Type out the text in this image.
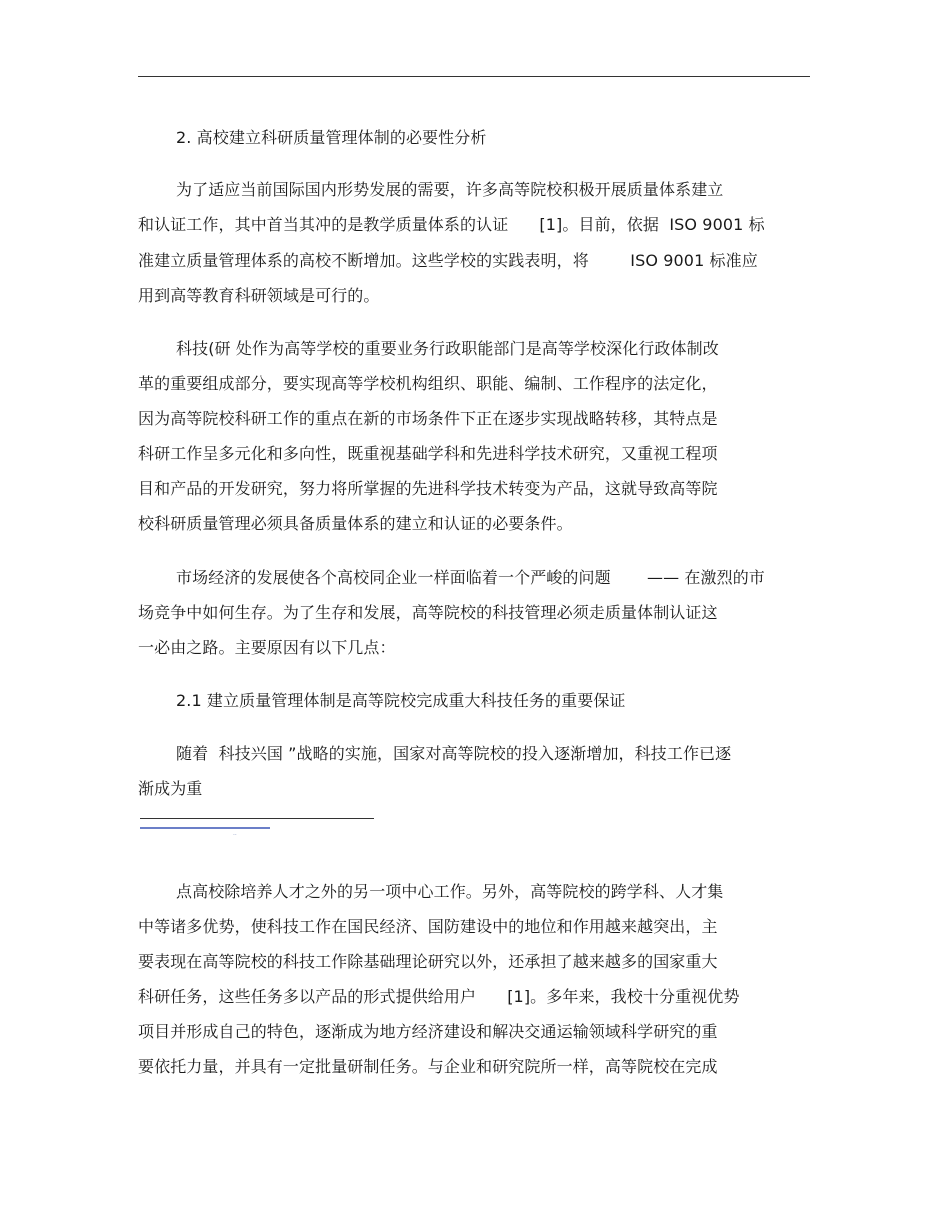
2. 高校建立科研质量管理体制的必要性分析
为了适应当前国际国内形势发展的需要，许多高等院校积极开展质量体系建立
和认证工作，其中首当其冲的是教学质量体系的认证      [1]。目前，依据  ISO 9001 标
准建立质量管理体系的高校不断增加。这些学校的实践表明，将        ISO 9001 标准应
用到高等教育科研领域是可行的。
科技(研 处作为高等学校的重要业务行政职能部门是高等学校深化行政体制改
革的重要组成部分，要实现高等学校机构组织、职能、编制、工作程序的法定化，
因为高等院校科研工作的重点在新的市场条件下正在逐步实现战略转移，其特点是
科研工作呈多元化和多向性，既重视基础学科和先进科学技术研究，又重视工程项
目和产品的开发研究，努力将所掌握的先进科学技术转变为产品，这就导致高等院
校科研质量管理必须具备质量体系的建立和认证的必要条件。
市场经济的发展使各个高校同企业一样面临着一个严峻的问题       —— 在激烈的市
场竞争中如何生存。为了生存和发展，高等院校的科技管理必须走质量体制认证这
一必由之路。主要原因有以下几点：
2.1 建立质量管理体制是高等院校完成重大科技任务的重要保证
随着  科技兴国 ”战略的实施，国家对高等院校的投入逐渐增加，科技工作已逐
渐成为重
--
点高校除培养人才之外的另一项中心工作。另外，高等院校的跨学科、人才集
中等诸多优势，使科技工作在国民经济、国防建设中的地位和作用越来越突出，主
要表现在高等院校的科技工作除基础理论研究以外，还承担了越来越多的国家重大
科研任务，这些任务多以产品的形式提供给用户      [1]。多年来，我校十分重视优势
项目并形成自己的特色，逐渐成为地方经济建设和解决交通运输领域科学研究的重
要依托力量，并具有一定批量研制任务。与企业和研究院所一样，高等院校在完成
